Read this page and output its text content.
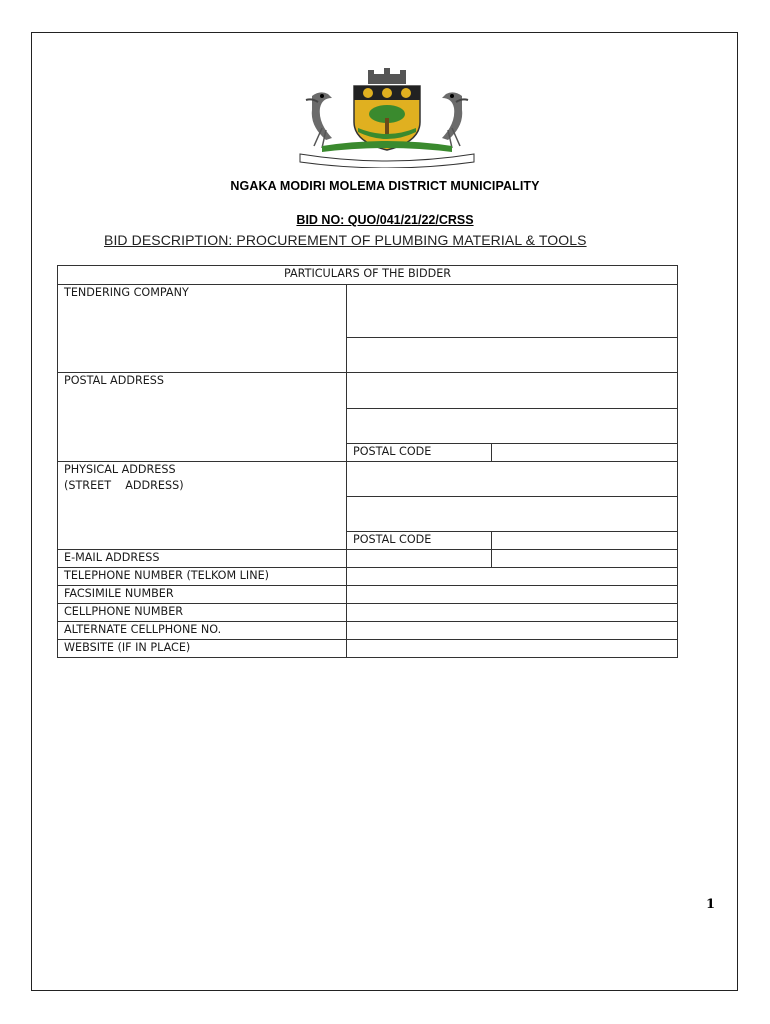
NGAKA MODIRI MOLEMA DISTRICT MUNICIPALITY
BID NO: QUO/041/21/22/CRSS
BID DESCRIPTION: PROCUREMENT OF PLUMBING MATERIAL & TOOLS
PARTICULARS OF THE BIDDER		
TENDERING COMPANY		

POSTAL ADDRESS		

	POSTAL CODE	

PHYSICAL ADDRESS
(STREET    ADDRESS)		

	POSTAL CODE	
E-MAIL ADDRESS		
TELEPHONE NUMBER (TELKOM LINE)		
FACSIMILE NUMBER		
CELLPHONE NUMBER		
ALTERNATE CELLPHONE NO.		
WEBSITE (IF IN PLACE)		
1
